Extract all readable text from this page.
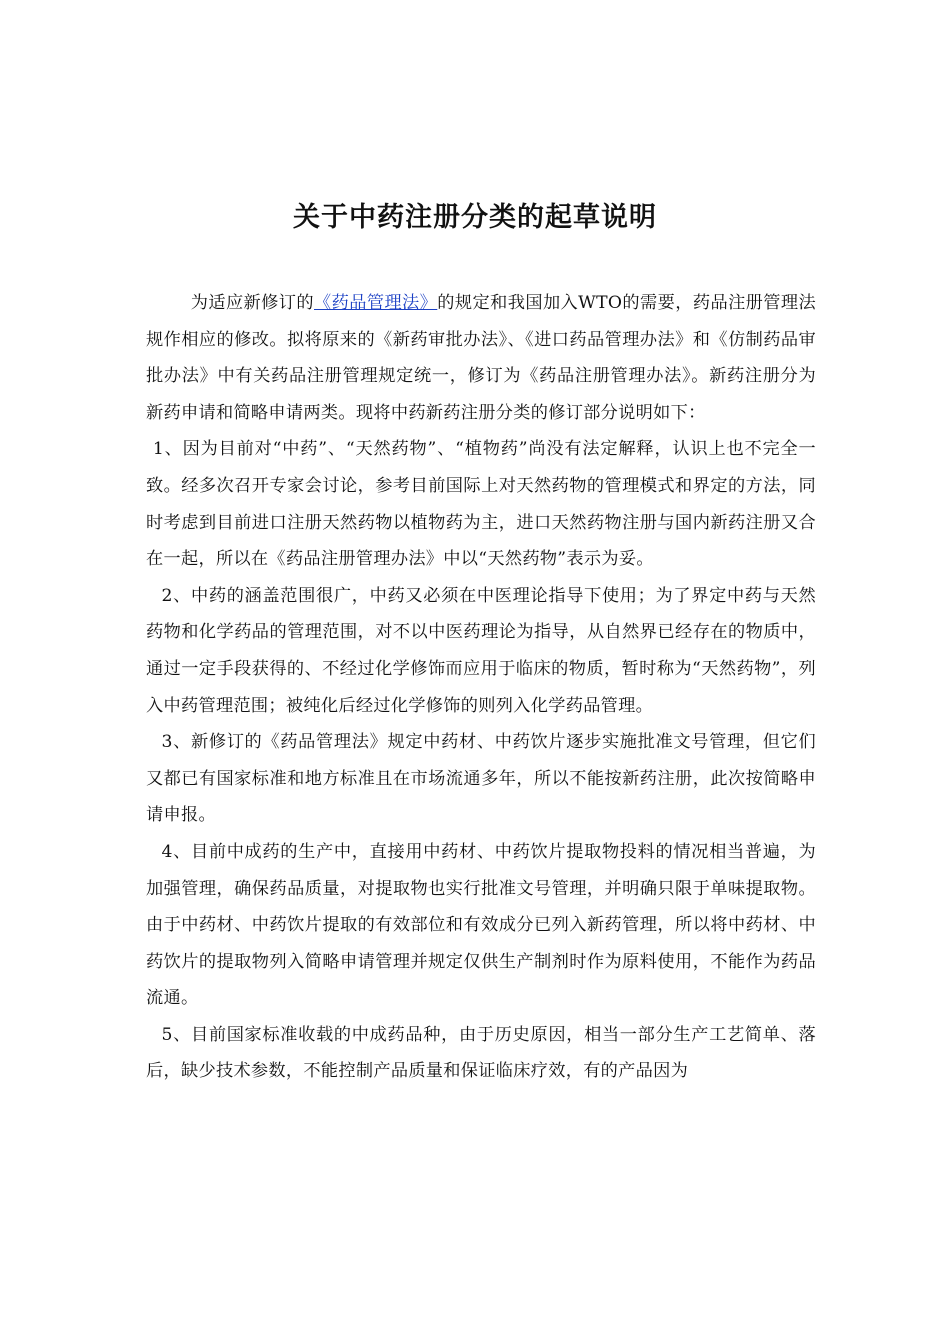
关于中药注册分类的起草说明

为适应新修订的《药品管理法》的规定和我国加入WTO的需要，药品注册管理法规作相应的修改。拟将原来的《新药审批办法》、《进口药品管理办法》和《仿制药品审批办法》中有关药品注册管理规定统一，修订为《药品注册管理办法》。新药注册分为新药申请和简略申请两类。现将中药新药注册分类的修订部分说明如下：

1、因为目前对“中药”、“天然药物”、“植物药”尚没有法定解释，认识上也不完全一致。经多次召开专家会讨论，参考目前国际上对天然药物的管理模式和界定的方法，同时考虑到目前进口注册天然药物以植物药为主，进口天然药物注册与国内新药注册又合在一起，所以在《药品注册管理办法》中以“天然药物”表示为妥。

2、中药的涵盖范围很广，中药又必须在中医理论指导下使用；为了界定中药与天然药物和化学药品的管理范围，对不以中医药理论为指导，从自然界已经存在的物质中，通过一定手段获得的、不经过化学修饰而应用于临床的物质，暂时称为“天然药物”，列入中药管理范围；被纯化后经过化学修饰的则列入化学药品管理。

3、新修订的《药品管理法》规定中药材、中药饮片逐步实施批准文号管理，但它们又都已有国家标准和地方标准且在市场流通多年，所以不能按新药注册，此次按简略申请申报。

4、目前中成药的生产中，直接用中药材、中药饮片提取物投料的情况相当普遍，为加强管理，确保药品质量，对提取物也实行批准文号管理，并明确只限于单味提取物。由于中药材、中药饮片提取的有效部位和有效成分已列入新药管理，所以将中药材、中药饮片的提取物列入简略申请管理并规定仅供生产制剂时作为原料使用，不能作为药品流通。

5、目前国家标准收载的中成药品种，由于历史原因，相当一部分生产工艺简单、落后，缺少技术参数，不能控制产品质量和保证临床疗效，有的产品因为
